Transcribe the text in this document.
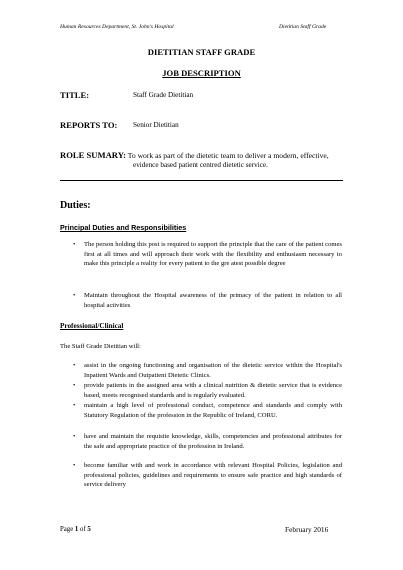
Human Resources Department, St. John's Hospital	Dietitian Staff Grade
DIETITIAN STAFF GRADE
JOB DESCRIPTION
TITLE:	Staff Grade Dietitian
REPORTS TO: Senior Dietitian
ROLE SUMARY: To work as part of the dietetic team to deliver a modern, effective,
evidence based patient centred dietetic service.
Duties:
Principal Duties and Responsibilities
• The person holding this post is required to support the principle that the care of the patient comes first at all times and will approach their work with the flexibility and enthusiasm necessary to make this principle a reality for every patient to the gre atest possible degree
• Maintain throughout the Hospital awareness of the primacy of the patient in relation to all hospital activities
Professional/Clinical
The Staff Grade Dietitian will:
• assist in the ongoing functioning and organisation of the dietetic service within the Hospital's Inpatient Wards and Outpatient Dietetic Clinics.
• provide patients in the assigned area with a clinical nutrition & dietetic service that is evidence based, meets recognised standards and is regularly evaluated.
• maintain a high level of professional conduct, competence and standards and comply with Statutory Regulation of the profession in the Republic of Ireland, CORU.
• have and maintain the requisite knowledge, skills, competencies and professional attributes for the safe and appropriate practice of the profession in Ireland.
• become familiar with and work in accordance with relevant Hospital Policies, legislation and professional policies, guidelines and requirements to ensure safe practice and high standards of service delivery
Page 1 of 5	February 2016
